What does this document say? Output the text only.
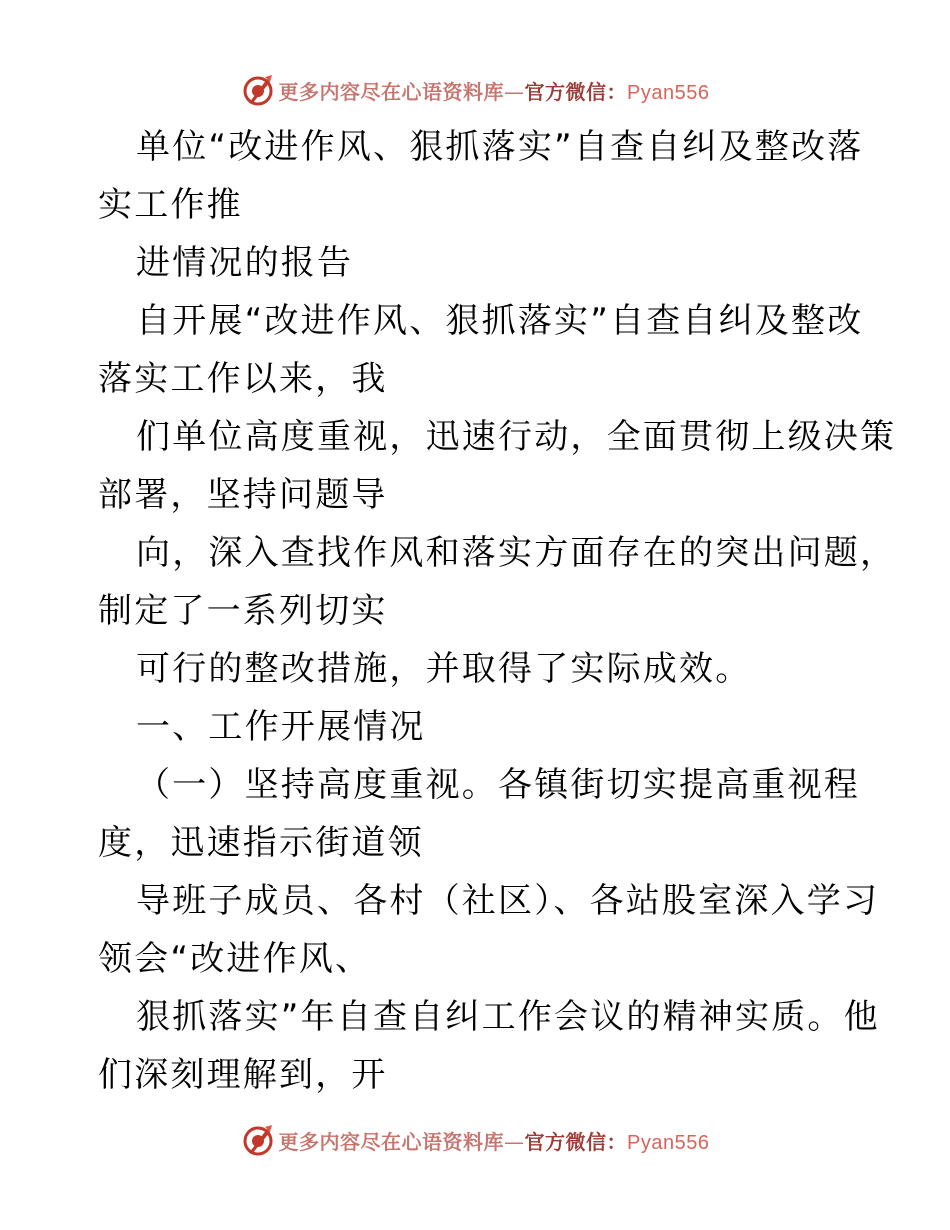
更多内容尽在心语资料库—官方微信：Pyan556
单位“改进作风、狠抓落实”自查自纠及整改落
实工作推
进情况的报告
自开展“改进作风、狠抓落实”自查自纠及整改
落实工作以来，我
们单位高度重视，迅速行动，全面贯彻上级决策
部署，坚持问题导
向，深入查找作风和落实方面存在的突出问题，
制定了一系列切实
可行的整改措施，并取得了实际成效。
一、工作开展情况
（一）坚持高度重视。各镇街切实提高重视程
度，迅速指示街道领
导班子成员、各村（社区）、各站股室深入学习
领会“改进作风、
狠抓落实”年自查自纠工作会议的精神实质。他
们深刻理解到，开
更多内容尽在心语资料库—官方微信：Pyan556
